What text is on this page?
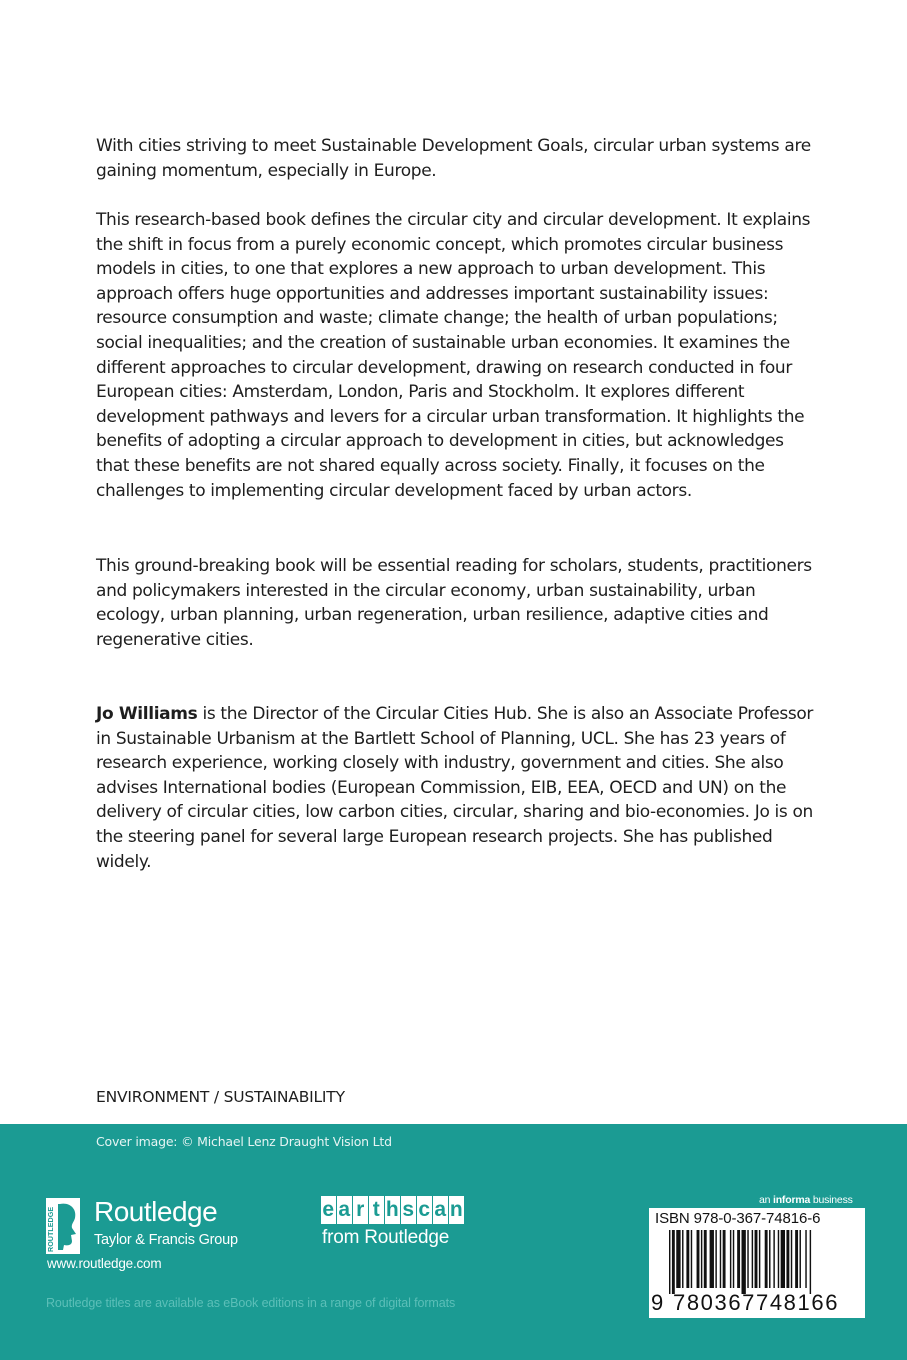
With cities striving to meet Sustainable Development Goals, circular urban systems are gaining momentum, especially in Europe.

This research-based book defines the circular city and circular development. It explains the shift in focus from a purely economic concept, which promotes circular business models in cities, to one that explores a new approach to urban development. This approach offers huge opportunities and addresses important sustainability issues: resource consumption and waste; climate change; the health of urban populations; social inequalities; and the creation of sustainable urban economies. It examines the different approaches to circular development, drawing on research conducted in four European cities: Amsterdam, London, Paris and Stockholm. It explores different development pathways and levers for a circular urban transformation. It highlights the benefits of adopting a circular approach to development in cities, but acknowledges that these benefits are not shared equally across society. Finally, it focuses on the challenges to implementing circular development faced by urban actors.

This ground-breaking book will be essential reading for scholars, students, practitioners and policymakers interested in the circular economy, urban sustainability, urban ecology, urban planning, urban regeneration, urban resilience, adaptive cities and regenerative cities.

Jo Williams is the Director of the Circular Cities Hub. She is also an Associate Professor in Sustainable Urbanism at the Bartlett School of Planning, UCL. She has 23 years of research experience, working closely with industry, government and cities. She also advises International bodies (European Commission, EIB, EEA, OECD and UN) on the delivery of circular cities, low carbon cities, circular, sharing and bio-economies. Jo is on the steering panel for several large European research projects. She has published widely.

ENVIRONMENT / SUSTAINABILITY
Cover image: © Michael Lenz Draught Vision Ltd
ROUTLEDGE Routledge
Taylor & Francis Group
www.routledge.com
e a r t h s c a n
from Routledge
Routledge titles are available as eBook editions in a range of digital formats
an informa business
ISBN 978-0-367-74816-6
9 780367748166
